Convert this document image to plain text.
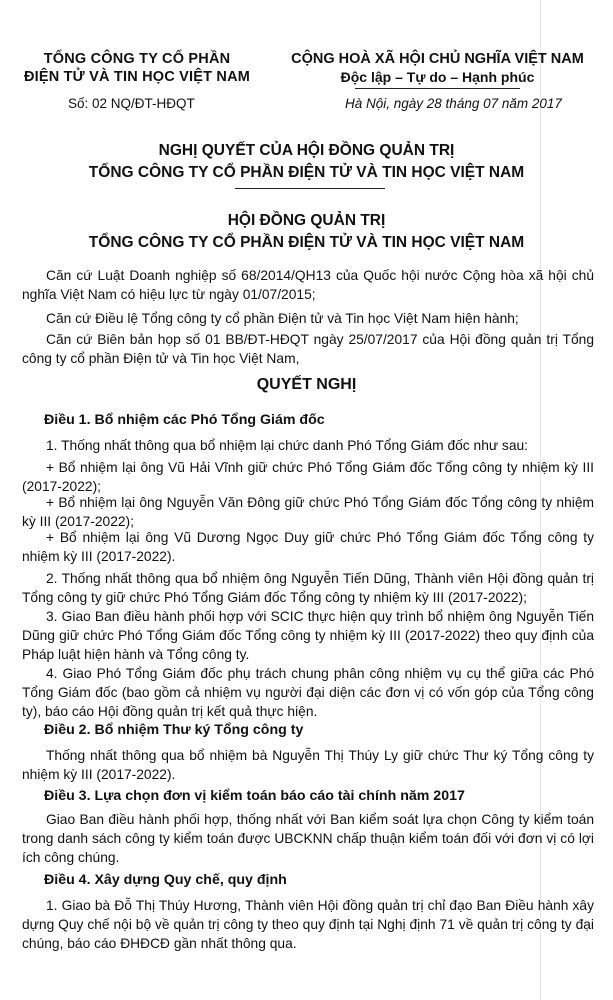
TỔNG CÔNG TY CỔ PHẦN
ĐIỆN TỬ VÀ TIN HỌC VIỆT NAM
CỘNG HOÀ XÃ HỘI CHỦ NGHĨA VIỆT NAM
Độc lập – Tự do – Hạnh phúc
Số: 02 NQ/ĐT-HĐQT	Hà Nội, ngày 28 tháng 07 năm 2017
NGHỊ QUYẾT CỦA HỘI ĐỒNG QUẢN TRỊ
TỔNG CÔNG TY CỔ PHẦN ĐIỆN TỬ VÀ TIN HỌC VIỆT NAM
HỘI ĐỒNG QUẢN TRỊ
TỔNG CÔNG TY CỔ PHẦN ĐIỆN TỬ VÀ TIN HỌC VIỆT NAM
Căn cứ Luật Doanh nghiệp số 68/2014/QH13 của Quốc hội nước Cộng hòa xã hội chủ nghĩa Việt Nam có hiệu lực từ ngày 01/07/2015;
Căn cứ Điều lệ Tổng công ty cổ phần Điện tử và Tin học Việt Nam hiện hành;
Căn cứ Biên bản họp số 01 BB/ĐT-HĐQT ngày 25/07/2017 của Hội đồng quản trị Tổng công ty cổ phần Điện tử và Tin học Việt Nam,
QUYẾT NGHỊ
Điều 1. Bổ nhiệm các Phó Tổng Giám đốc
1. Thống nhất thông qua bổ nhiệm lại chức danh Phó Tổng Giám đốc như sau:
+ Bổ nhiệm lại ông Vũ Hải Vĩnh giữ chức Phó Tổng Giám đốc Tổng công ty nhiệm kỳ III (2017-2022);
+ Bổ nhiệm lại ông Nguyễn Văn Đông giữ chức Phó Tổng Giám đốc Tổng công ty nhiệm kỳ III (2017-2022);
+ Bổ nhiệm lại ông Vũ Dương Ngọc Duy giữ chức Phó Tổng Giám đốc Tổng công ty nhiệm kỳ III (2017-2022).
2. Thống nhất thông qua bổ nhiệm ông Nguyễn Tiến Dũng, Thành viên Hội đồng quản trị Tổng công ty giữ chức Phó Tổng Giám đốc Tổng công ty nhiệm kỳ III (2017-2022);
3. Giao Ban điều hành phối hợp với SCIC thực hiện quy trình bổ nhiệm ông Nguyễn Tiến Dũng giữ chức Phó Tổng Giám đốc Tổng công ty nhiệm kỳ III (2017-2022) theo quy định của Pháp luật hiện hành và Tổng công ty.
4. Giao Phó Tổng Giám đốc phụ trách chung phân công nhiệm vụ cụ thể giữa các Phó Tổng Giám đốc (bao gồm cả nhiệm vụ người đại diện các đơn vị có vốn góp của Tổng công ty), báo cáo Hội đồng quản trị kết quả thực hiện.
Điều 2. Bổ nhiệm Thư ký Tổng công ty
Thống nhất thông qua bổ nhiệm bà Nguyễn Thị Thúy Ly giữ chức Thư ký Tổng công ty nhiệm kỳ III (2017-2022).
Điều 3. Lựa chọn đơn vị kiểm toán báo cáo tài chính năm 2017
Giao Ban điều hành phối hợp, thống nhất với Ban kiểm soát lựa chọn Công ty kiểm toán trong danh sách công ty kiểm toán được UBCKNN chấp thuận kiểm toán đối với đơn vị có lợi ích công chúng.
Điều 4. Xây dựng Quy chế, quy định
1. Giao bà Đỗ Thị Thúy Hương, Thành viên Hội đồng quản trị chỉ đạo Ban Điều hành xây dựng Quy chế nội bộ về quản trị công ty theo quy định tại Nghị định 71 về quản trị công ty đại chúng, báo cáo ĐHĐCĐ gần nhất thông qua.
